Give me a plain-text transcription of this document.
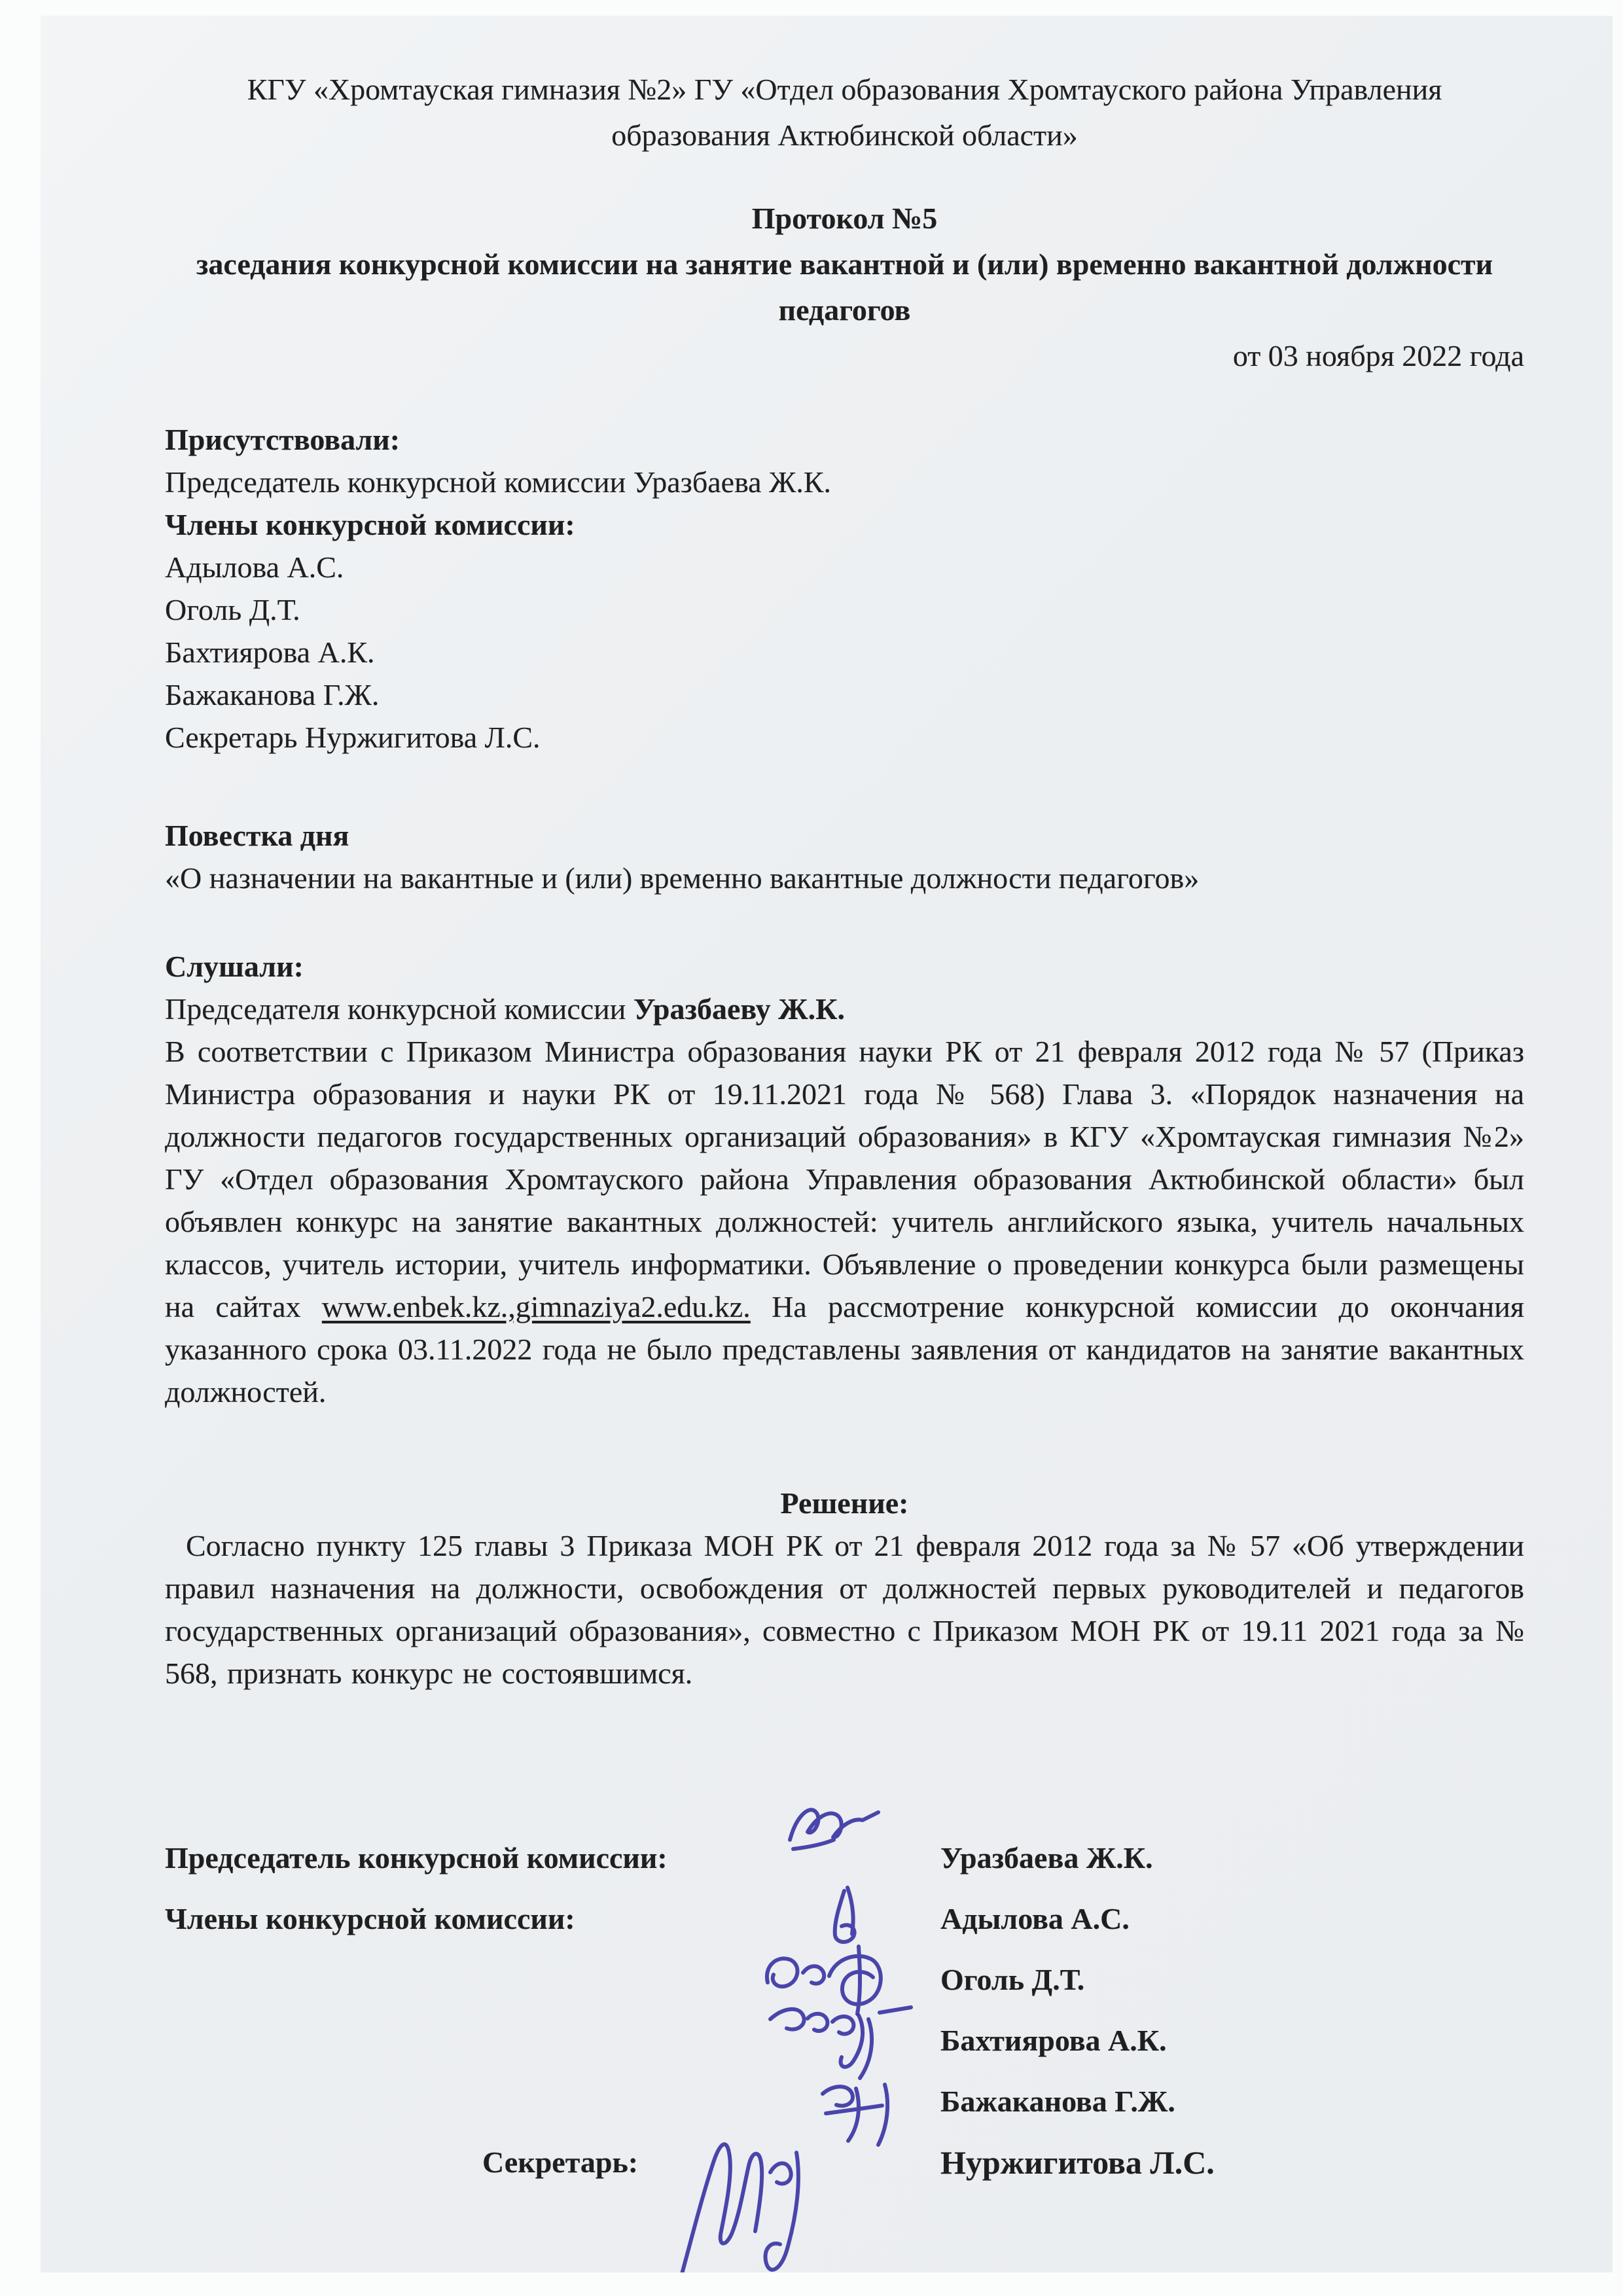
КГУ «Хромтауская гимназия №2» ГУ «Отдел образования Хромтауского района Управления образования Актюбинской области»

Протокол №5

заседания конкурсной комиссии на занятие вакантной и (или) временно вакантной должности педагогов

от 03 ноября 2022 года

Присутствовали:

Председатель конкурсной комиссии Уразбаева Ж.К.

Члены конкурсной комиссии:

Адылова А.С.

Оголь Д.Т.

Бахтиярова А.К.

Бажаканова Г.Ж.

Секретарь Нуржигитова Л.С.

Повестка дня

«О назначении на вакантные и (или) временно вакантные должности педагогов»

Слушали:

Председателя конкурсной комиссии Уразбаеву Ж.К.

В соответствии с Приказом Министра образования науки РК от 21 февраля 2012 года № 57 (Приказ Министра образования и науки РК от 19.11.2021 года № 568) Глава 3. «Порядок назначения на должности педагогов государственных организаций образования» в КГУ «Хромтауская гимназия №2» ГУ «Отдел образования Хромтауского района Управления образования Актюбинской области» был объявлен конкурс на занятие вакантных должностей: учитель английского языка, учитель начальных классов, учитель истории, учитель информатики. Объявление о проведении конкурса были размещены на сайтах www.enbek.kz.,gimnaziya2.edu.kz. На рассмотрение конкурсной комиссии до окончания указанного срока 03.11.2022 года не было представлены заявления от кандидатов на занятие вакантных должностей.

Решение:

Согласно пункту 125 главы 3 Приказа МОН РК от 21 февраля 2012 года за № 57 «Об утверждении правил назначения на должности, освобождения от должностей первых руководителей и педагогов государственных организаций образования», совместно с Приказом МОН РК от 19.11 2021 года за № 568, признать конкурс не состоявшимся.

Председатель конкурсной комиссии:	Уразбаева Ж.К.
Члены конкурсной комиссии:	Адылова А.С.
Оголь Д.Т.
Бахтиярова А.К.
Бажаканова Г.Ж.
Секретарь:	Нуржигитова Л.С.
